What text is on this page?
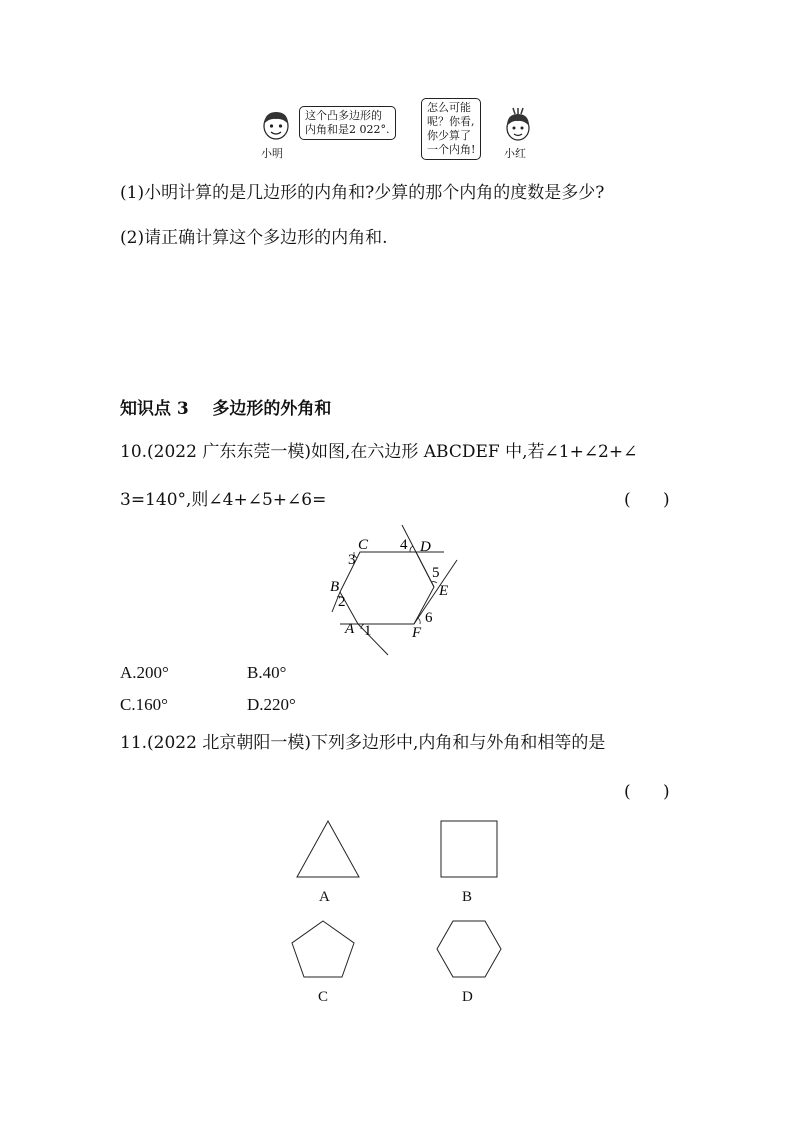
小明
这个凸多边形的
内角和是2 022°.
怎么可能
呢？你看,
你少算了
一个内角!	小红
(1)小明计算的是几边形的内角和?少算的那个内角的度数是多少?
(2)请正确计算这个多边形的内角和.
知识点 3    多边形的外角和
10.(2022 广东东莞一模)如图,在六边形 ABCDEF 中,若∠1+∠2+∠
3=140°,则∠4+∠5+∠6=	(      )
A 1
B
2
C
3
4 D
5
E
6
F
A.200°	B.40°
C.160°	D.220°
11.(2022 北京朝阳一模)下列多边形中,内角和与外角和相等的是
(      )
A	B
C	D
